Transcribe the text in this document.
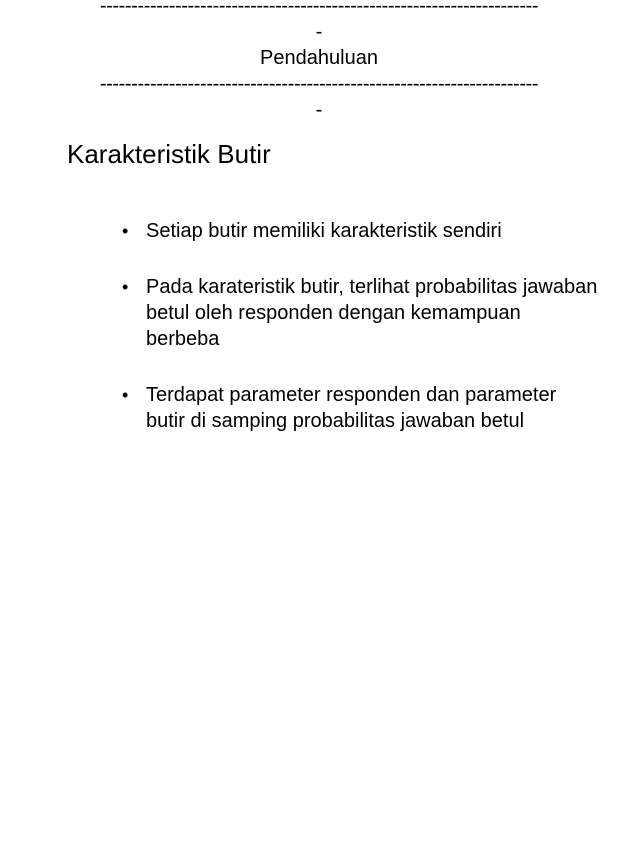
----------------------------------------------------------------------
-
Pendahuluan
----------------------------------------------------------------------
-
Karakteristik Butir
• Setiap butir memiliki karakteristik sendiri
• Pada karateristik butir, terlihat probabilitas jawaban betul oleh responden dengan kemampuan berbeba
• Terdapat parameter responden dan parameter butir di samping probabilitas jawaban betul
